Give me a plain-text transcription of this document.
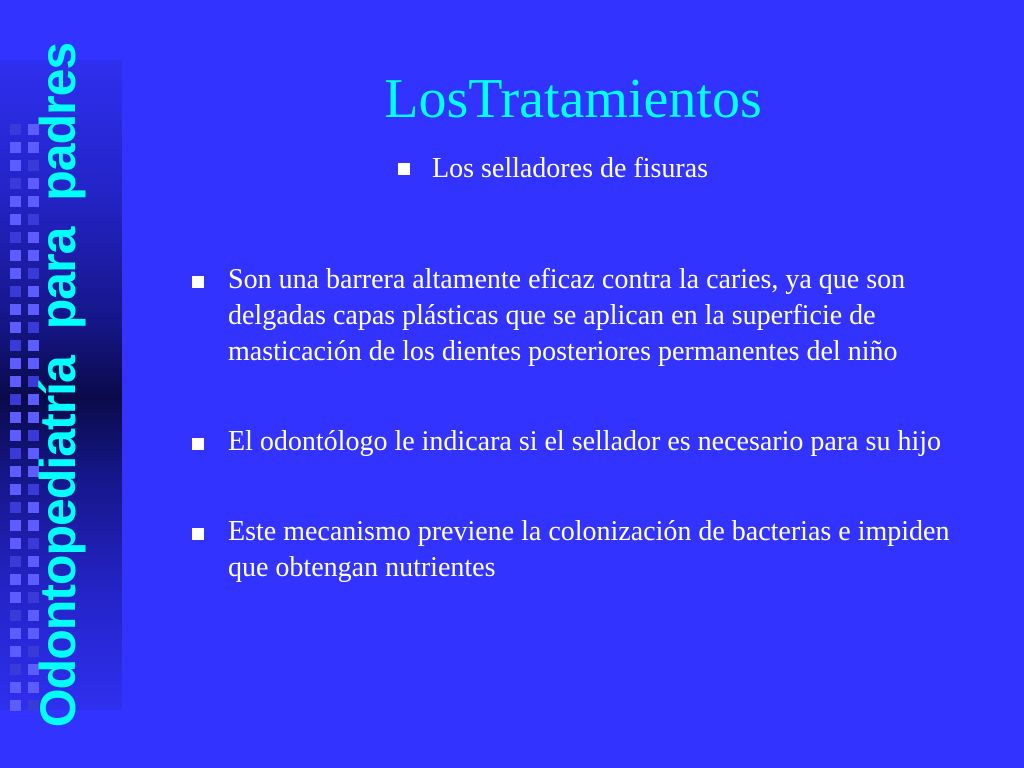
Odontopediatría para padres	LosTratamientos
Los selladores de fisuras
Son una barrera altamente eficaz contra la caries, ya que son delgadas capas plásticas que se aplican en la superficie de masticación de los dientes posteriores permanentes del niño
El odontólogo le indicara si el sellador es necesario para su hijo
Este mecanismo previene la colonización de bacterias e impiden que obtengan nutrientes
